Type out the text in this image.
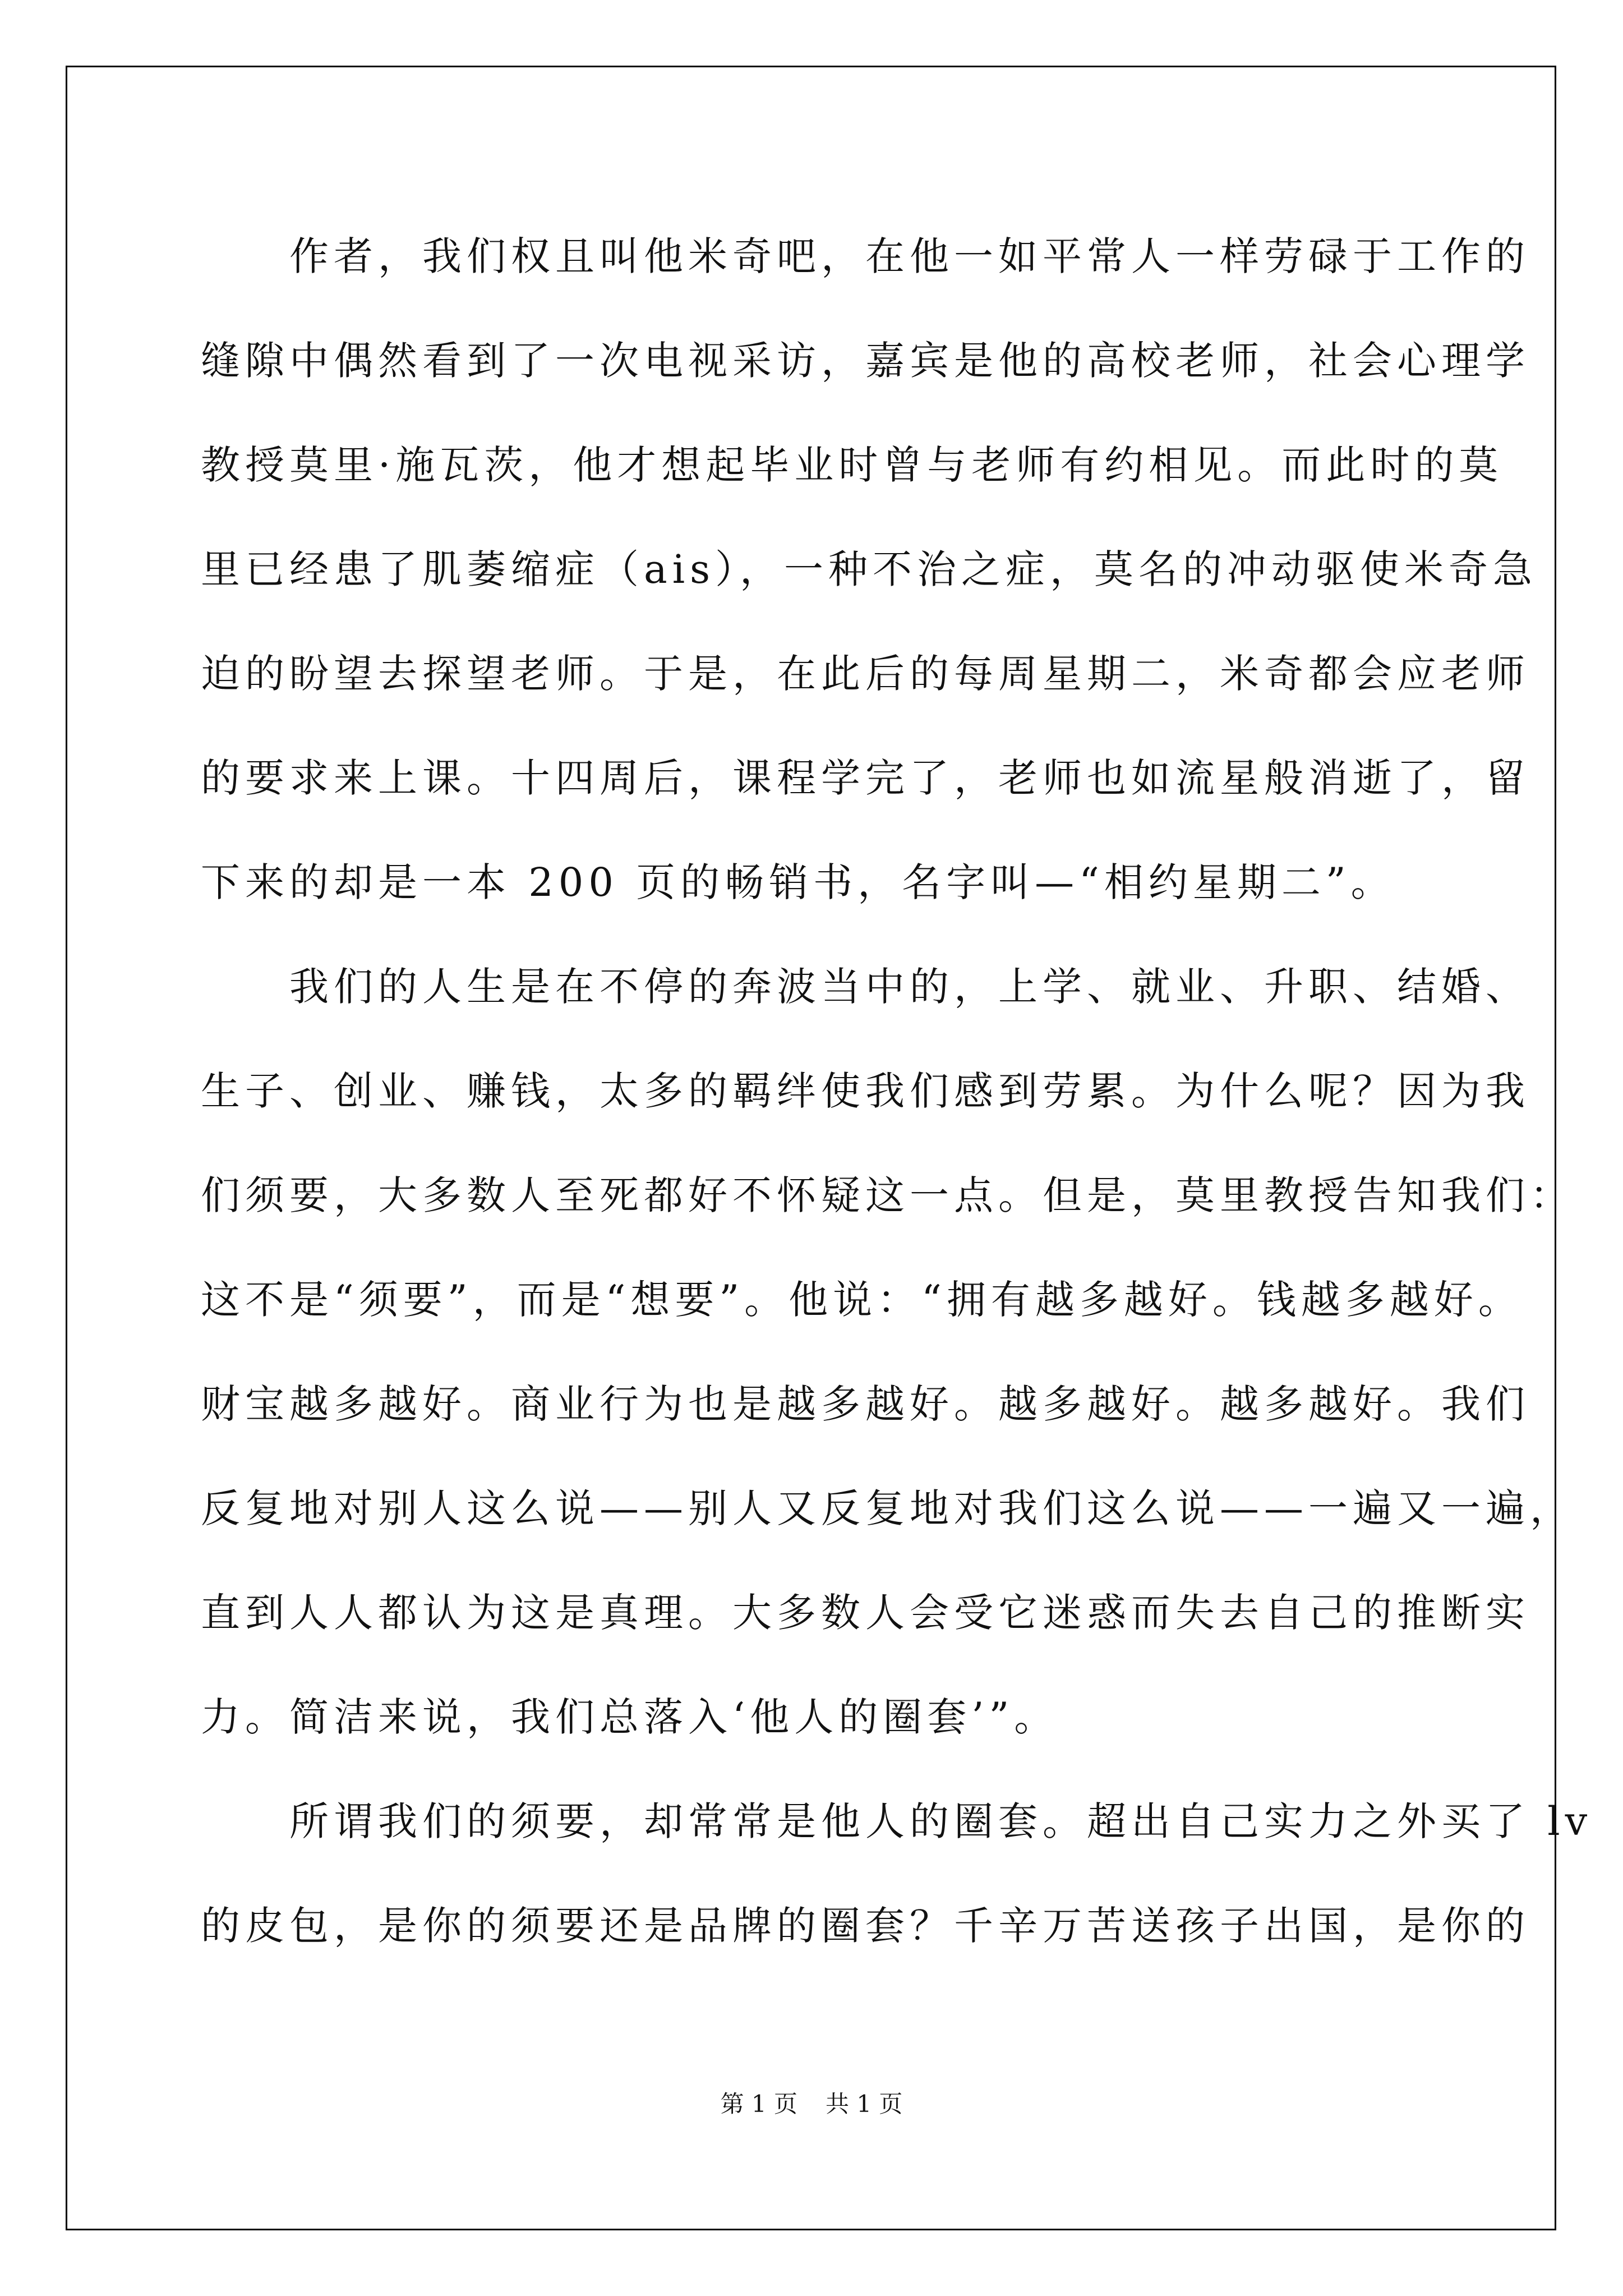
　　作者，我们权且叫他米奇吧，在他一如平常人一样劳碌于工作的
缝隙中偶然看到了一次电视采访，嘉宾是他的高校老师，社会心理学
教授莫里·施瓦茨，他才想起毕业时曾与老师有约相见。而此时的莫
里已经患了肌萎缩症（ais），一种不治之症，莫名的冲动驱使米奇急
迫的盼望去探望老师。于是，在此后的每周星期二，米奇都会应老师
的要求来上课。十四周后，课程学完了，老师也如流星般消逝了，留
下来的却是一本 200 页的畅销书，名字叫—“相约星期二”。
　　我们的人生是在不停的奔波当中的，上学、就业、升职、结婚、
生子、创业、赚钱，太多的羁绊使我们感到劳累。为什么呢？因为我
们须要，大多数人至死都好不怀疑这一点。但是，莫里教授告知我们：
这不是“须要”，而是“想要”。他说：“拥有越多越好。钱越多越好。
财宝越多越好。商业行为也是越多越好。越多越好。越多越好。我们
反复地对别人这么说——别人又反复地对我们这么说——一遍又一遍，
直到人人都认为这是真理。大多数人会受它迷惑而失去自己的推断实
力。简洁来说，我们总落入‘他人的圈套’”。
　　所谓我们的须要，却常常是他人的圈套。超出自己实力之外买了 lv
的皮包，是你的须要还是品牌的圈套？千辛万苦送孩子出国，是你的
第 1 页 共 1 页
